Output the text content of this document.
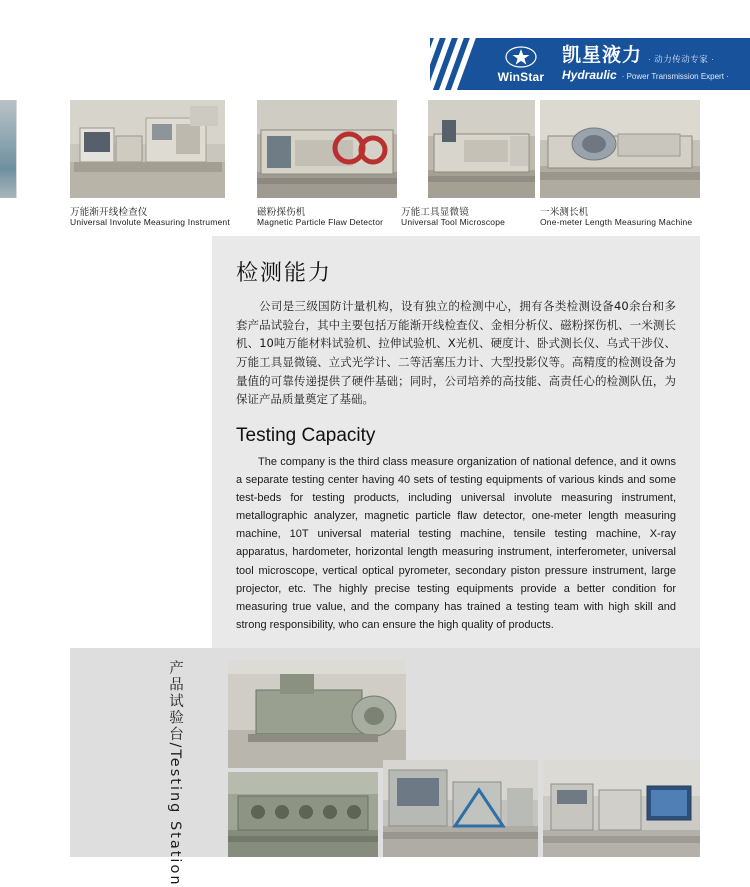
WinStar
凯星液力 · 动力传动专家 ·
Hydraulic · Power Transmission Expert ·
万能渐开线检查仪
Universal Involute Measuring Instrument
磁粉探伤机
Magnetic Particle Flaw Detector
万能工具显微镜
Universal Tool Microscope
一米测长机
One-meter Length Measuring Machine
检测能力

公司是三级国防计量机构，设有独立的检测中心，拥有各类检测设备40余台和多套产品试验台，其中主要包括万能渐开线检查仪、金相分析仪、磁粉探伤机、一米测长机、10吨万能材料试验机、拉伸试验机、X光机、硬度计、卧式测长仪、乌式干涉仪、万能工具显微镜、立式光学计、二等活塞压力计、大型投影仪等。高精度的检测设备为量值的可靠传递提供了硬件基础；同时，公司培养的高技能、高责任心的检测队伍，为保证产品质量奠定了基础。

Testing Capacity

The company is the third class measure organization of national defence, and it owns a separate testing center having 40 sets of testing equipments of various kinds and some test-beds for testing products, including universal involute measuring instrument, metallographic analyzer, magnetic particle flaw detector, one-meter length measuring machine, 10T universal material testing machine, tensile testing machine, X-ray apparatus, hardometer, horizontal length measuring instrument, interferometer, universal tool microscope, vertical optical pyrometer, secondary piston pressure instrument, large projector, etc. The highly precise testing equipments provide a better condition for measuring true value, and the company has trained a testing team with high skill and strong responsibility, who can ensure the high quality of products.

产品试验台/Testing Station
